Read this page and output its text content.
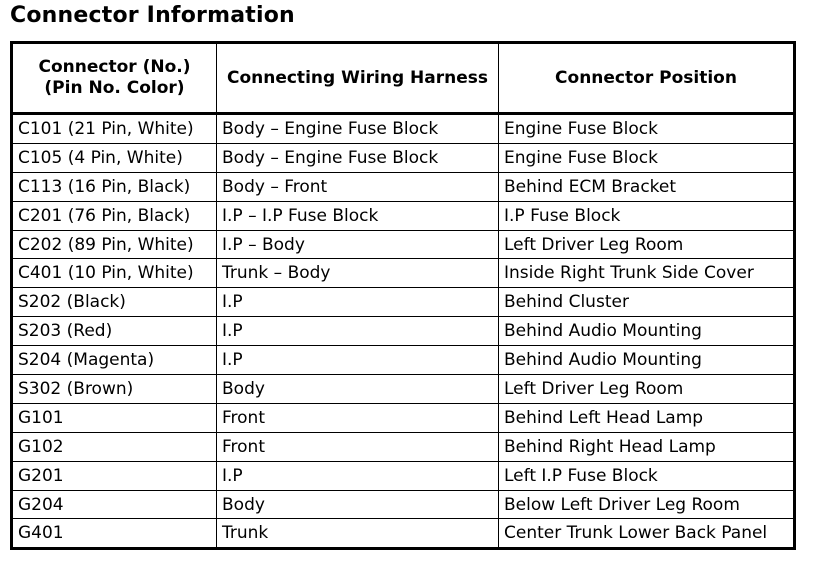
Connector Information
Connector (No.)
(Pin No. Color)	Connecting Wiring Harness	Connector Position
C101 (21 Pin, White)	Body – Engine Fuse Block	Engine Fuse Block
C105 (4 Pin, White)	Body – Engine Fuse Block	Engine Fuse Block
C113 (16 Pin, Black)	Body – Front	Behind ECM Bracket
C201 (76 Pin, Black)	I.P – I.P Fuse Block	I.P Fuse Block
C202 (89 Pin, White)	I.P – Body	Left Driver Leg Room
C401 (10 Pin, White)	Trunk – Body	Inside Right Trunk Side Cover
S202 (Black)	I.P	Behind Cluster
S203 (Red)	I.P	Behind Audio Mounting
S204 (Magenta)	I.P	Behind Audio Mounting
S302 (Brown)	Body	Left Driver Leg Room
G101	Front	Behind Left Head Lamp
G102	Front	Behind Right Head Lamp
G201	I.P	Left I.P Fuse Block
G204	Body	Below Left Driver Leg Room
G401	Trunk	Center Trunk Lower Back Panel
